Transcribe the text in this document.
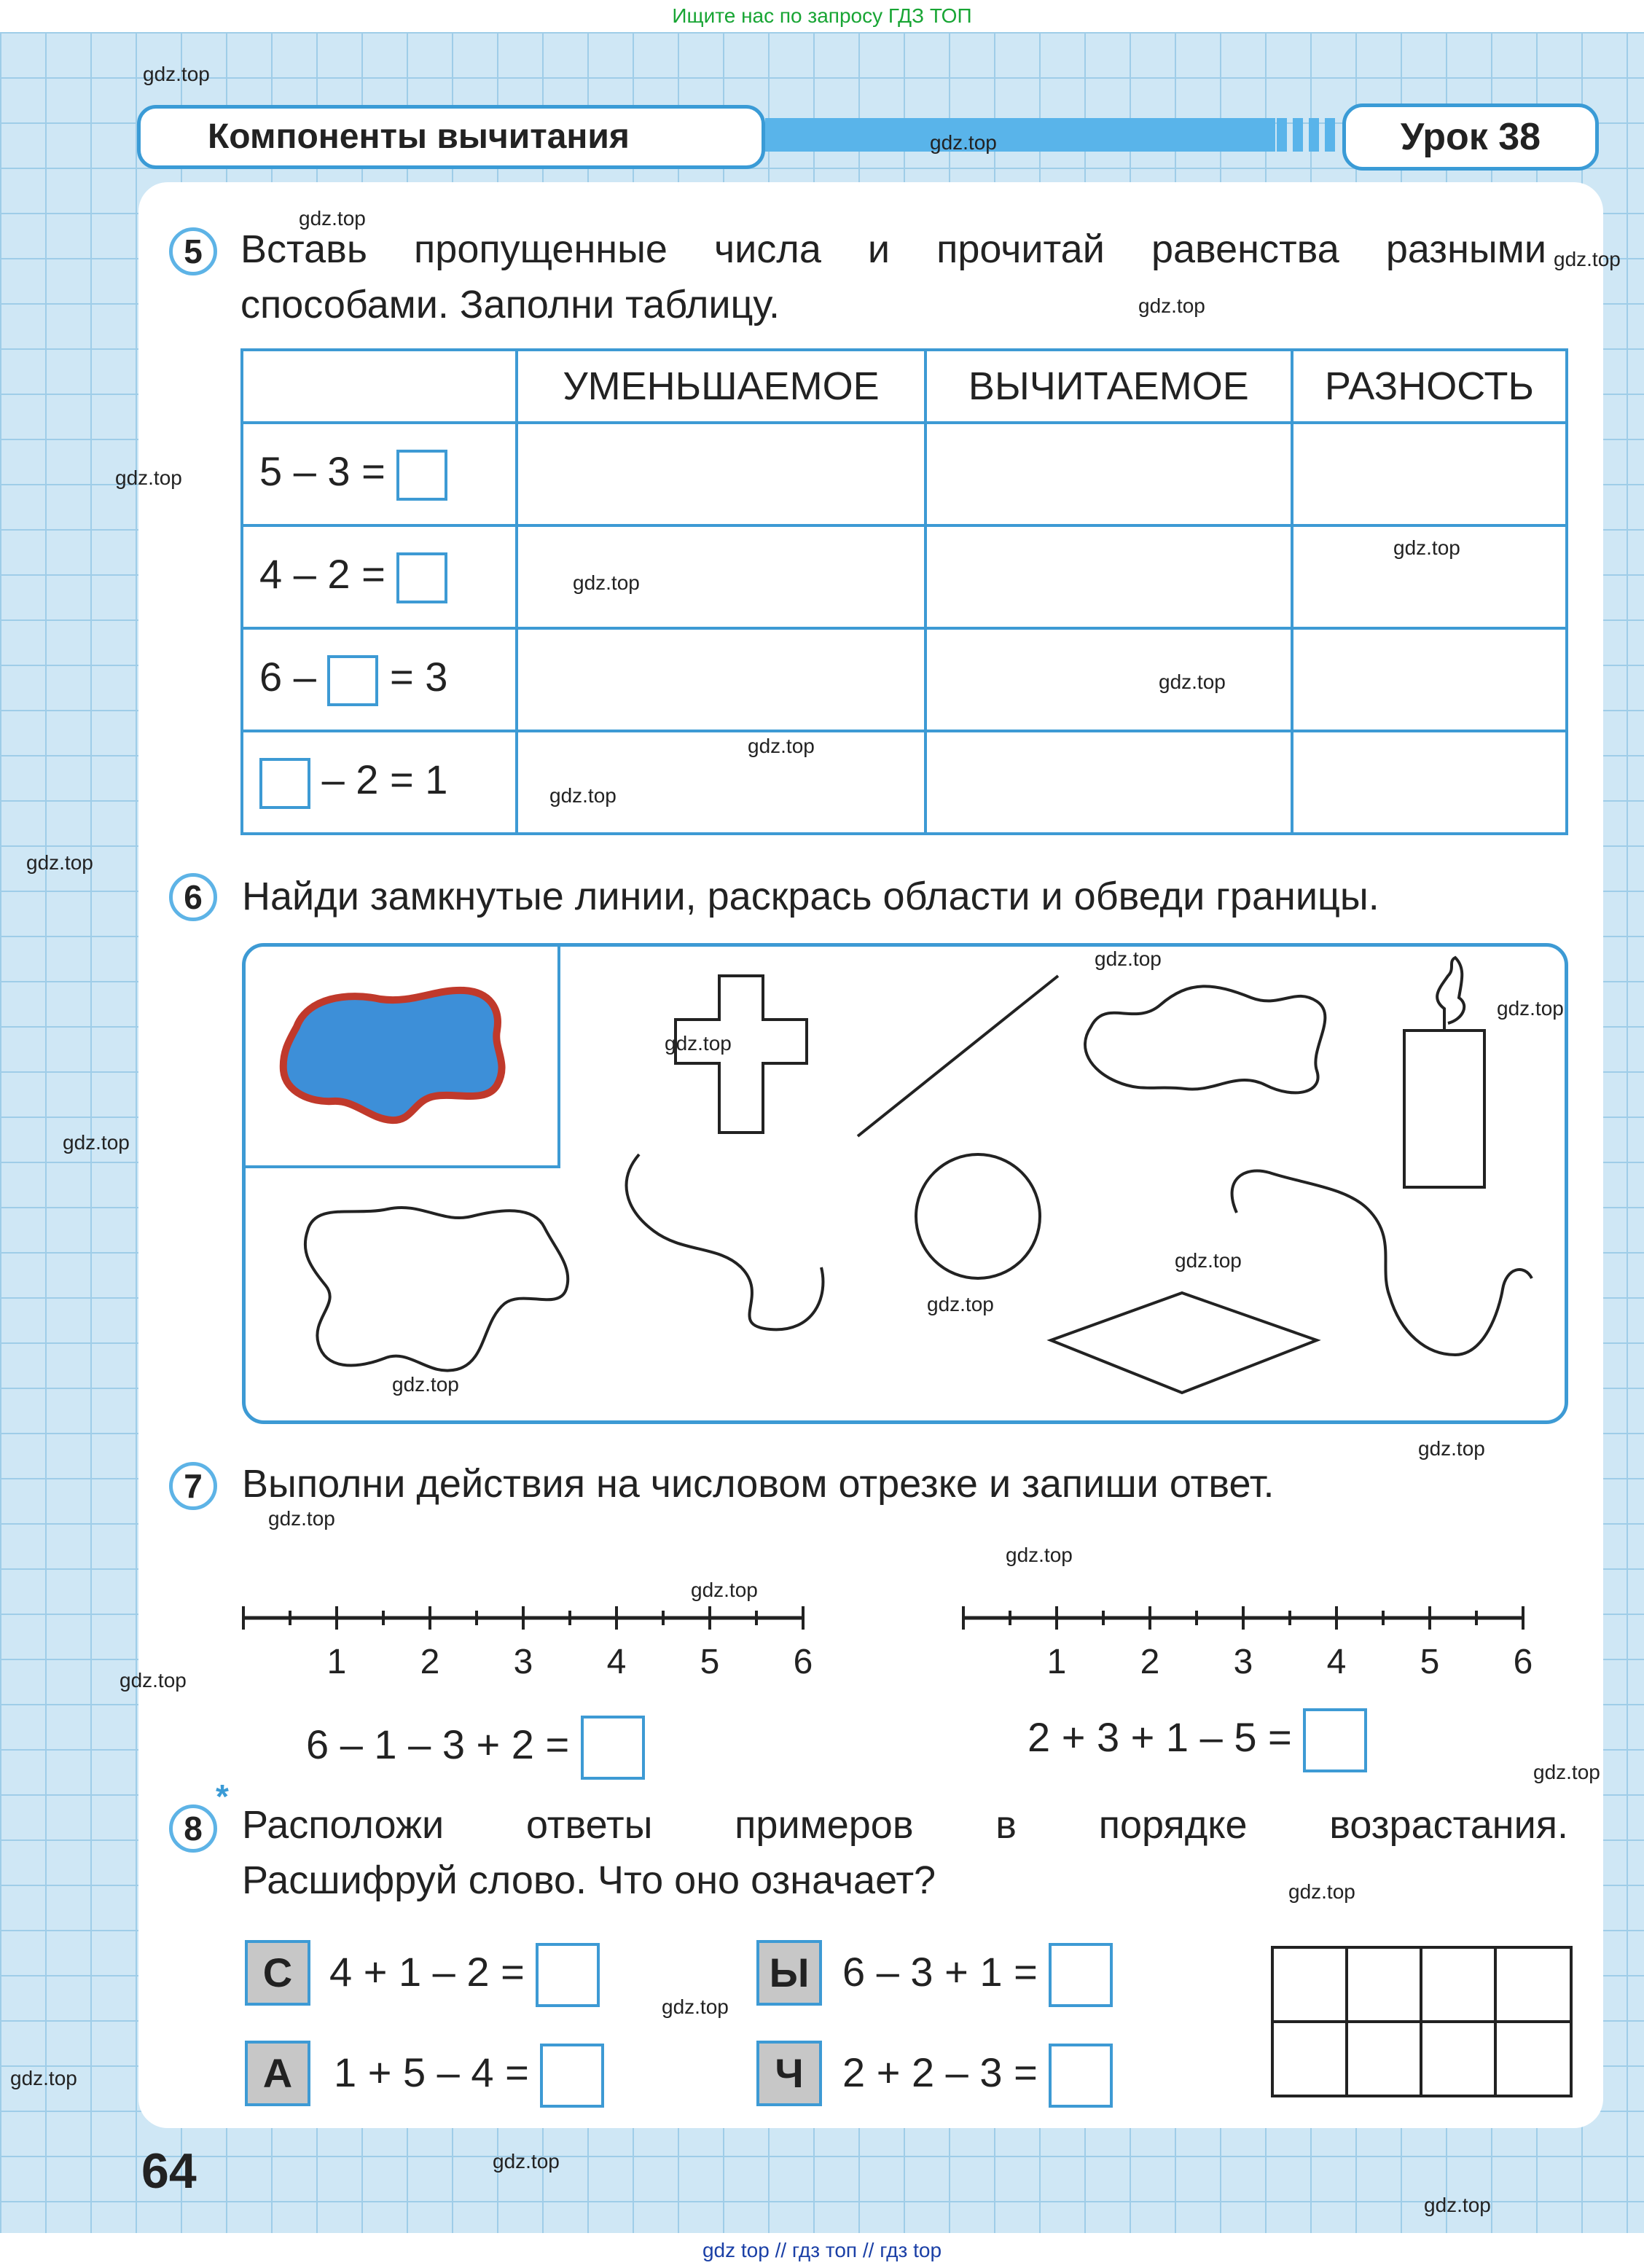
Ищите нас по запросу ГДЗ ТОП
Компоненты вычитания	Урок 38
5 Вставь пропущенные числа и прочитай равенства разными
способами. Заполни таблицу.
	УМЕНЬШАЕМОЕ	ВЫЧИТАЕМОЕ	РАЗНОСТЬ
5 – 3 =			
4 – 2 =			
6 – = 3			
– 2 = 1			
6	Найди замкнутые линии, раскрась области и обведи границы.
7	Выполни действия на числовом отрезке и запиши ответ.
1 2 3 4 5 6	1 2 3 4 5 6
6 – 1 – 3 + 2 =	2 + 3 + 1 – 5 =
8
*
Расположи ответы примеров в порядке возрастания.
Расшифруй слово. Что оно означает?
С 4 + 1 – 2 =	Ы 6 – 3 + 1 =
А	1 + 5 – 4 =	Ч 2 + 2 – 3 =
64
gdz.top
gdz.top
gdz.top
gdz.top
gdz.top
gdz.top
gdz.top
gdz.top
gdz.top
gdz.top
gdz.top
gdz.top
gdz.top
gdz.top
gdz.top
gdz.top
gdz.top
gdz.top
gdz.top
gdz.top
gdz.top
gdz.top
gdz.top
gdz.top
gdz.top
gdz.top
gdz.top
gdz.top
gdz.top
gdz.top
gdz top // гдз топ // гдз top
